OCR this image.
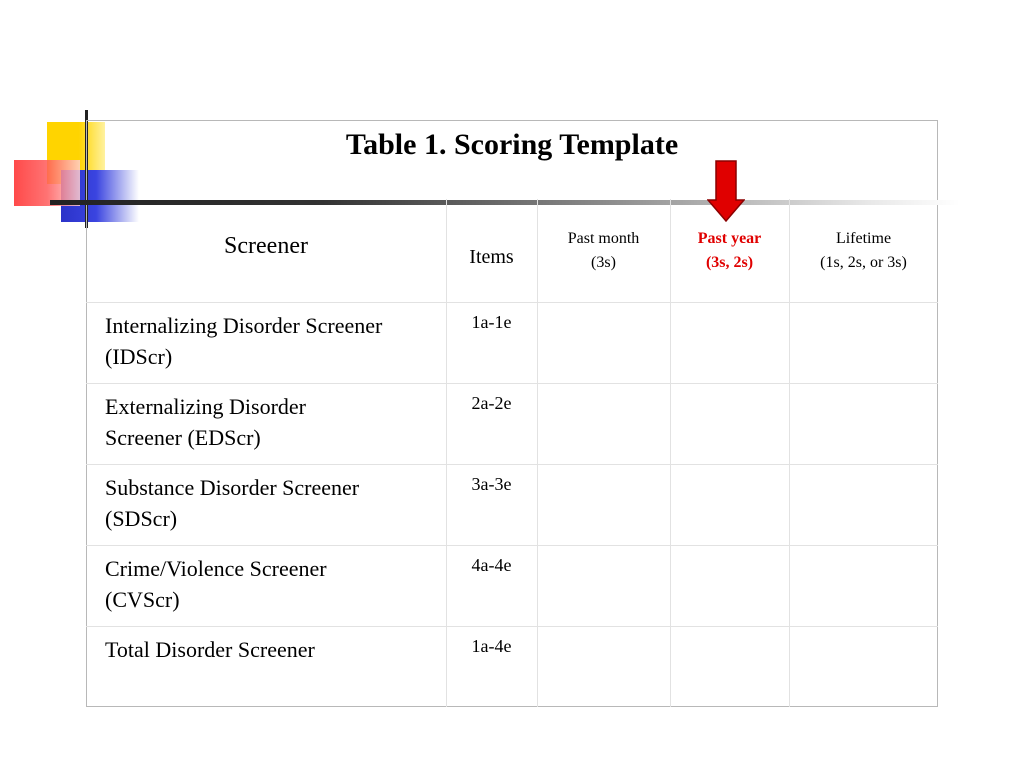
Table 1. Scoring Template
Screener	Items
Past month
(3s)
Past year
(3s, 2s)
Lifetime
(1s, 2s, or 3s)
Internalizing Disorder Screener
(IDScr)
1a-1e
Externalizing Disorder
Screener (EDScr)
2a-2e
Substance Disorder Screener
(SDScr)
3a-3e
Crime/Violence Screener
(CVScr)
4a-4e
Total Disorder Screener	1a-4e
